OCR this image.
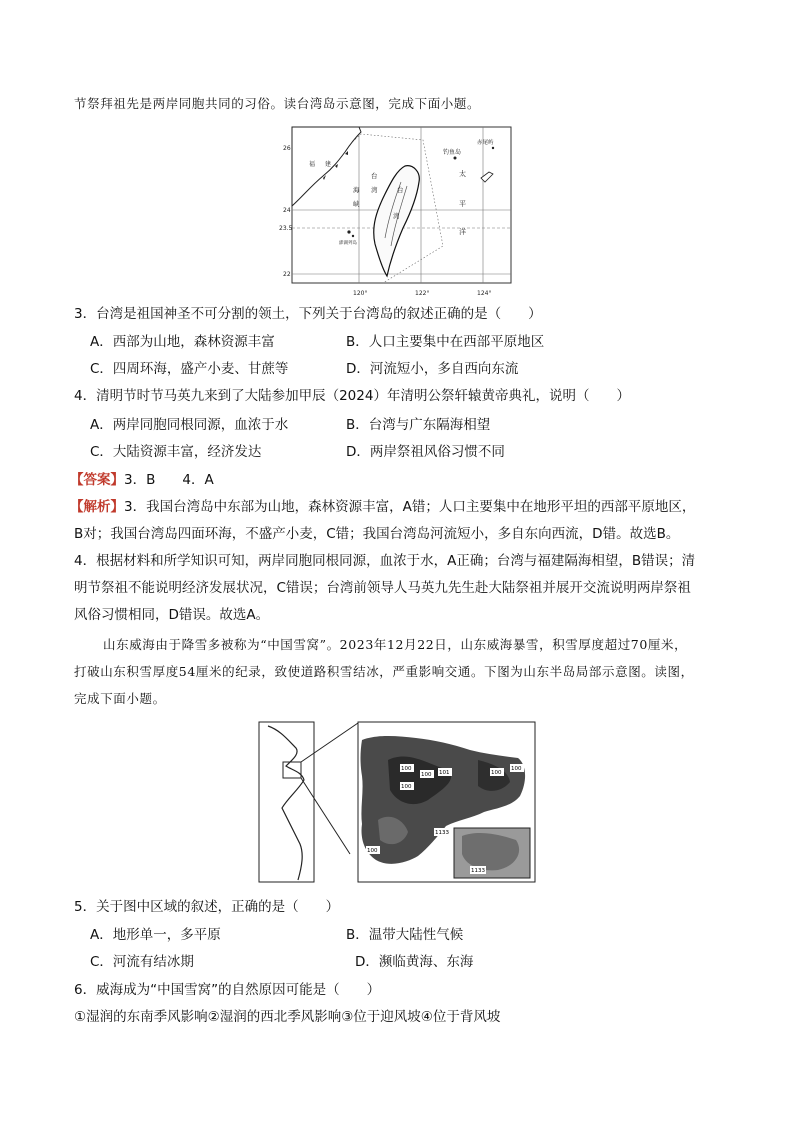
节祭拜祖先是两岸同胞共同的习俗。读台湾岛示意图，完成下面小题。
26
24
23.5
22
120°	122°	124°
福 建
钓鱼岛
赤尾屿
台
湾
海
峡
太
平
洋
台
湾
澎湖列岛
3．台湾是祖国神圣不可分割的领土，下列关于台湾岛的叙述正确的是（　　）
A．西部为山地，森林资源丰富	B．人口主要集中在西部平原地区
C．四周环海，盛产小麦、甘蔗等	D．河流短小，多自西向东流
4．清明节时节马英九来到了大陆参加甲辰（2024）年清明公祭轩辕黄帝典礼，说明（　　）
A．两岸同胞同根同源，血浓于水	B．台湾与广东隔海相望
C．大陆资源丰富，经济发达	D．两岸祭祖风俗习惯不同
【答案】3．B　　4．A
【解析】3．我国台湾岛中东部为山地，森林资源丰富，A错；人口主要集中在地形平坦的西部平原地区，
B对；我国台湾岛四面环海，不盛产小麦，C错；我国台湾岛河流短小，多自东向西流，D错。故选B。
4．根据材料和所学知识可知，两岸同胞同根同源，血浓于水，A正确；台湾与福建隔海相望，B错误；清
明节祭祖不能说明经济发展状况，C错误；台湾前领导人马英九先生赴大陆祭祖并展开交流说明两岸祭祖
风俗习惯相同，D错误。故选A。
山东威海由于降雪多被称为“中国雪窝”。2023年12月22日，山东威海暴雪，积雪厚度超过70厘米，
打破山东积雪厚度54厘米的纪录，致使道路积雪结冰，严重影响交通。下图为山东半岛局部示意图。读图，
完成下面小题。
威海
100
100
100 101	100
100
1133
100
1133
5．关于图中区域的叙述，正确的是（　　）
A．地形单一，多平原	B．温带大陆性气候
C．河流有结冰期	D．濒临黄海、东海
6．威海成为“中国雪窝”的自然原因可能是（　　）
①湿润的东南季风影响②湿润的西北季风影响③位于迎风坡④位于背风坡
